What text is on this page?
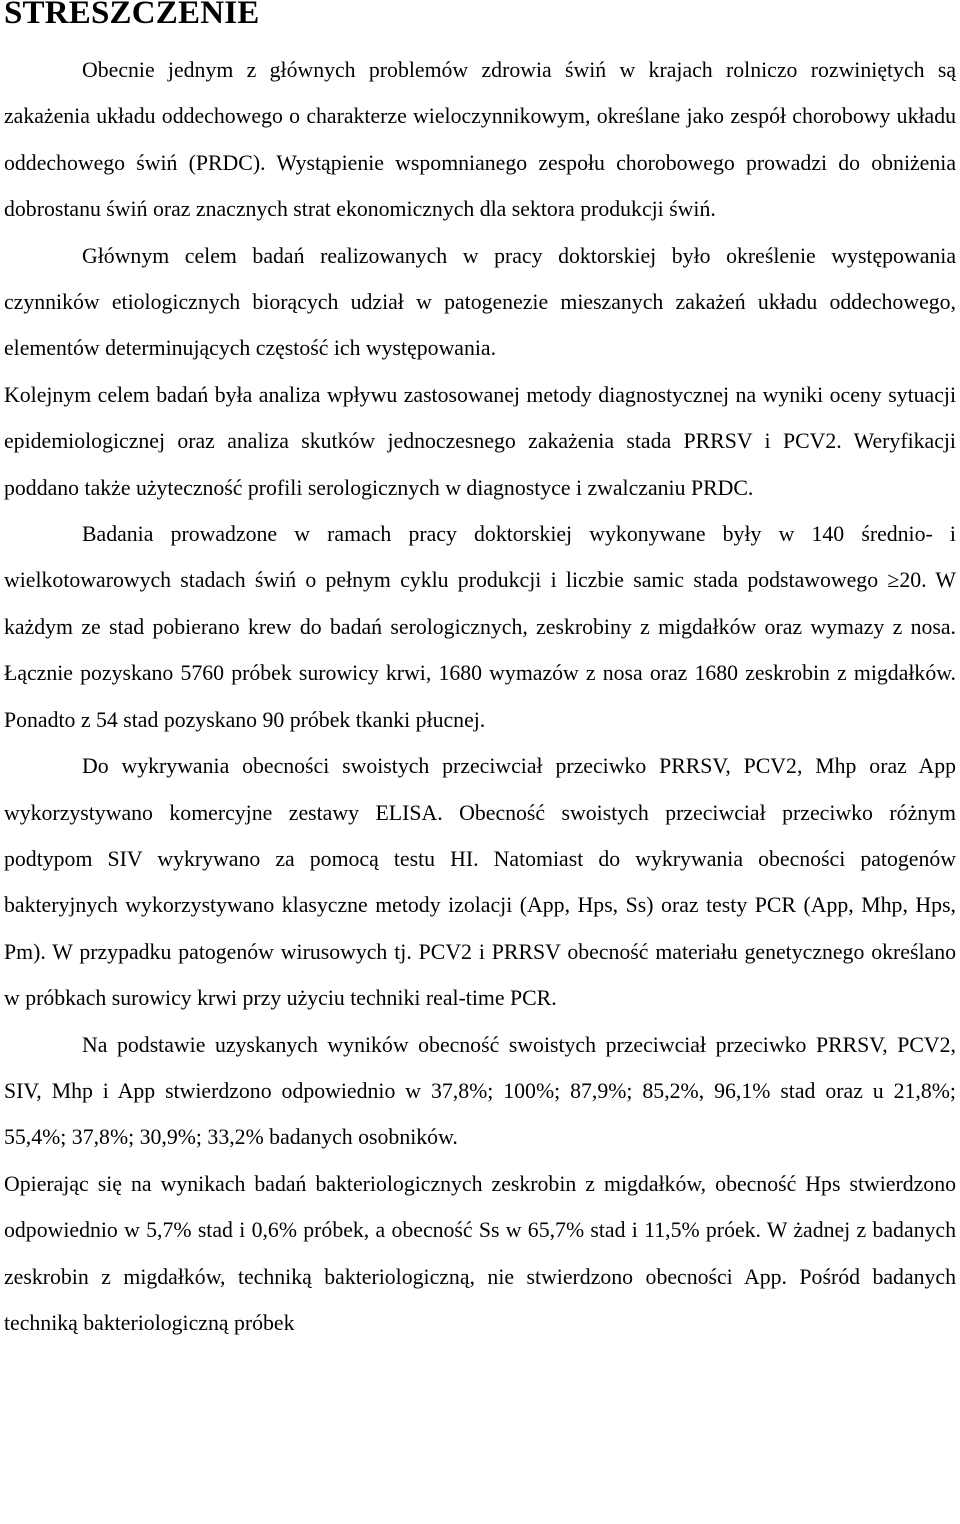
STRESZCZENIE

Obecnie jednym z głównych problemów zdrowia świń w krajach rolniczo rozwiniętych są zakażenia układu oddechowego o charakterze wieloczynnikowym, określane jako zespół chorobowy układu oddechowego świń (PRDC). Wystąpienie wspomnianego zespołu chorobowego prowadzi do obniżenia dobrostanu świń oraz znacznych strat ekonomicznych dla sektora produkcji świń.

Głównym celem badań realizowanych w pracy doktorskiej było określenie występowania czynników etiologicznych biorących udział w patogenezie mieszanych zakażeń układu oddechowego, elementów determinujących częstość ich występowania.

Kolejnym celem badań była analiza wpływu zastosowanej metody diagnostycznej na wyniki oceny sytuacji epidemiologicznej oraz analiza skutków jednoczesnego zakażenia stada PRRSV i PCV2. Weryfikacji poddano także użyteczność profili serologicznych w diagnostyce i zwalczaniu PRDC.

Badania prowadzone w ramach pracy doktorskiej wykonywane były w 140 średnio- i wielkotowarowych stadach świń o pełnym cyklu produkcji i liczbie samic stada podstawowego ≥20. W każdym ze stad pobierano krew do badań serologicznych, zeskrobiny z migdałków oraz wymazy z nosa. Łącznie pozyskano 5760 próbek surowicy krwi, 1680 wymazów z nosa oraz 1680 zeskrobin z migdałków. Ponadto z 54 stad pozyskano 90 próbek tkanki płucnej.

Do wykrywania obecności swoistych przeciwciał przeciwko PRRSV, PCV2, Mhp oraz App wykorzystywano komercyjne zestawy ELISA. Obecność swoistych przeciwciał przeciwko różnym podtypom SIV wykrywano za pomocą testu HI. Natomiast do wykrywania obecności patogenów bakteryjnych wykorzystywano klasyczne metody izolacji (App, Hps, Ss) oraz testy PCR (App, Mhp, Hps, Pm). W przypadku patogenów wirusowych tj. PCV2 i PRRSV obecność materiału genetycznego określano w próbkach surowicy krwi przy użyciu techniki real-time PCR.

Na podstawie uzyskanych wyników obecność swoistych przeciwciał przeciwko PRRSV, PCV2, SIV, Mhp i App stwierdzono odpowiednio w 37,8%; 100%; 87,9%; 85,2%, 96,1% stad oraz u 21,8%; 55,4%; 37,8%; 30,9%; 33,2% badanych osobników.

Opierając się na wynikach badań bakteriologicznych zeskrobin z migdałków, obecność Hps stwierdzono odpowiednio w 5,7% stad i 0,6% próbek, a obecność Ss w 65,7% stad i 11,5% próek. W żadnej z badanych zeskrobin z migdałków, techniką bakteriologiczną, nie stwierdzono obecności App. Pośród badanych techniką bakteriologiczną próbek
